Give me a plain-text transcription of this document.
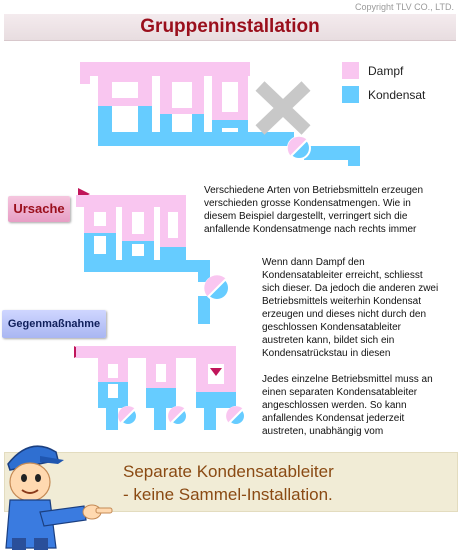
Copyright TLV CO., LTD.
Gruppeninstallation
Dampf
Kondensat
Ursache
Gegenmaßnahme
Verschiedene Arten von Betriebsmitteln erzeugen
verschieden grosse Kondensatmengen. Wie in
diesem Beispiel dargestellt, verringert sich die
anfallende Kondensatmenge nach rechts immer
Wenn dann Dampf den
Kondensatableiter erreicht, schliesst
sich dieser. Da jedoch die anderen zwei
Betriebsmittels weiterhin Kondensat
erzeugen und dieses nicht durch den
geschlossen Kondensatableiter
austreten kann, bildet sich ein
Kondensatrückstau in diesen
Jedes einzelne Betriebsmittel muss an
einen separaten Kondensatableiter
angeschlossen werden. So kann
anfallendes Kondensat jederzeit
austreten, unabhängig vom
Separate Kondensatableiter
- keine Sammel-Installation.
